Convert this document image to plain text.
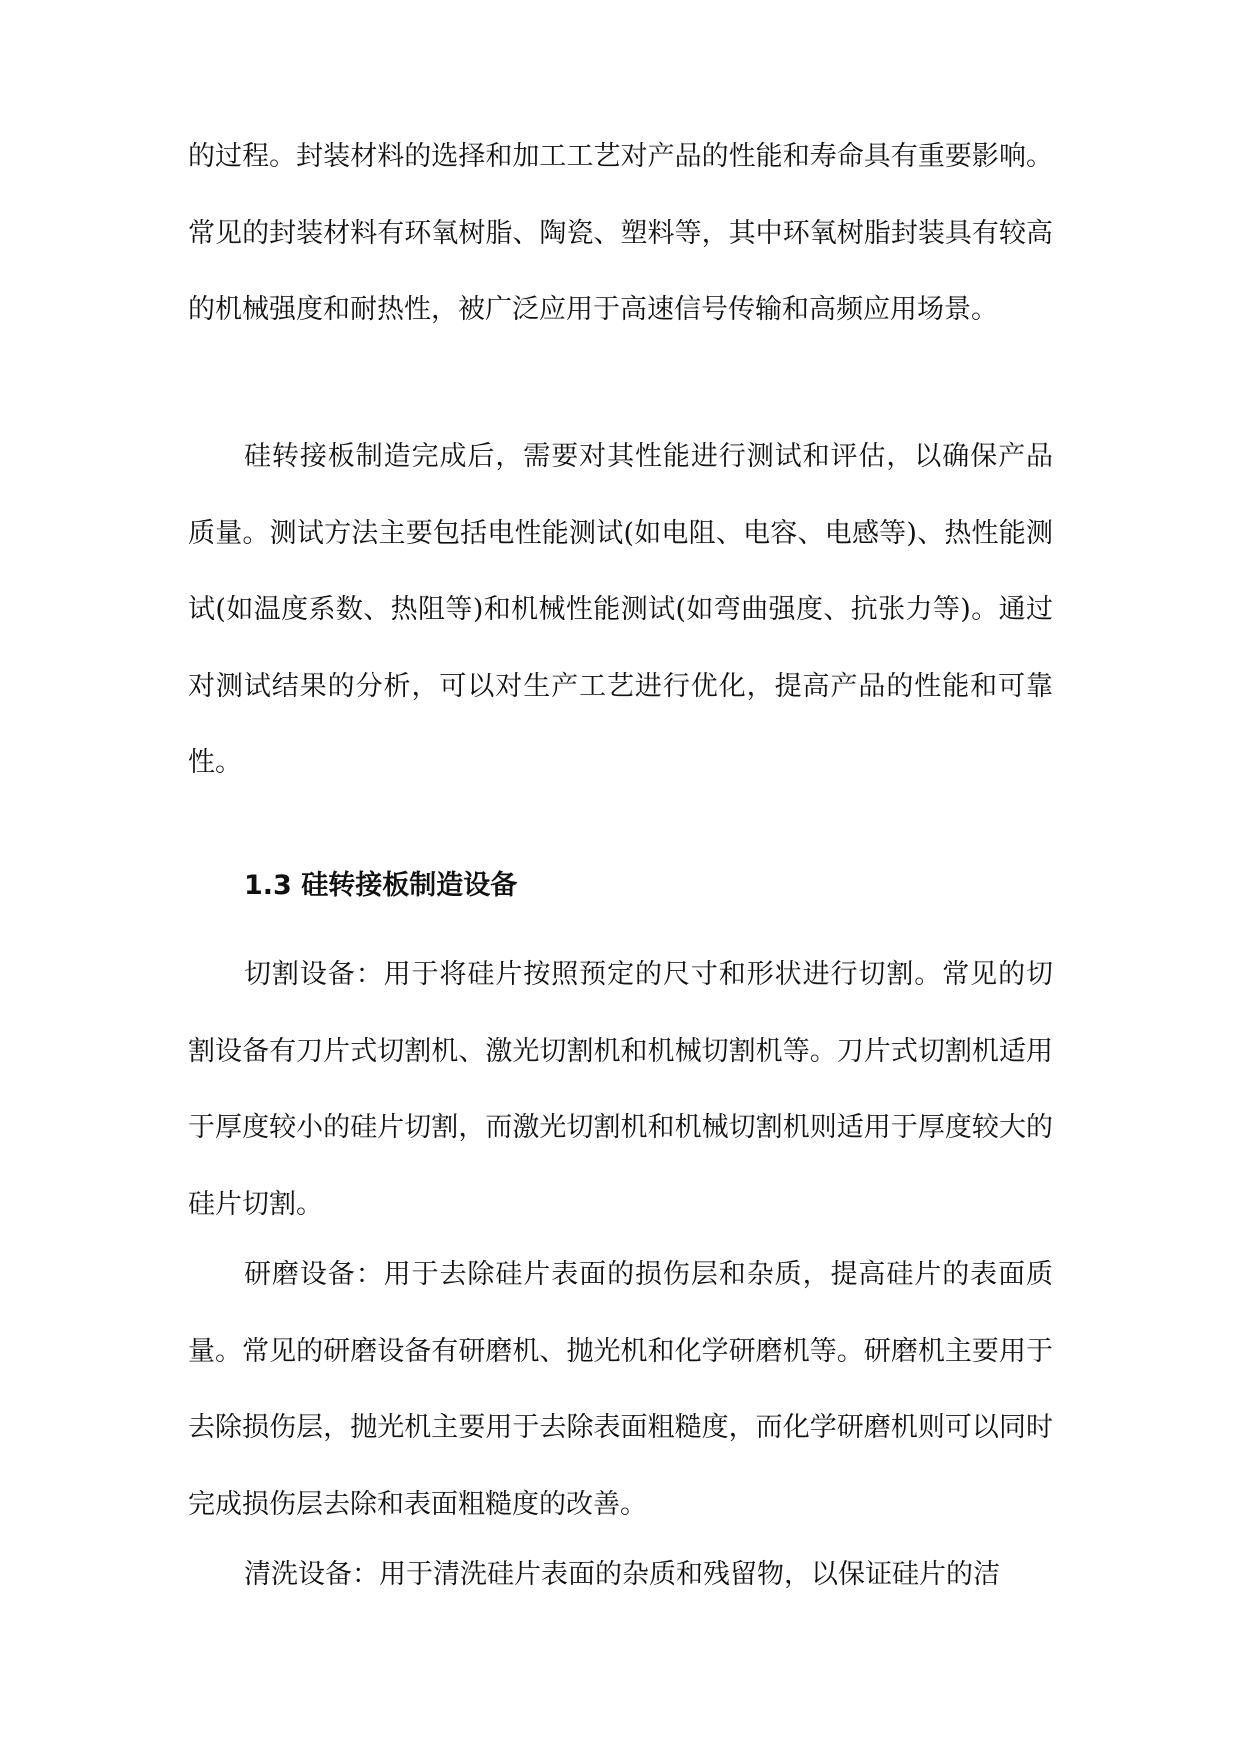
的过程。封装材料的选择和加工工艺对产品的性能和寿命具有重要影响。常见的封装材料有环氧树脂、陶瓷、塑料等，其中环氧树脂封装具有较高的机械强度和耐热性，被广泛应用于高速信号传输和高频应用场景。

硅转接板制造完成后，需要对其性能进行测试和评估，以确保产品质量。测试方法主要包括电性能测试(如电阻、电容、电感等)、热性能测试(如温度系数、热阻等)和机械性能测试(如弯曲强度、抗张力等)。通过对测试结果的分析，可以对生产工艺进行优化，提高产品的性能和可靠性。

1.3 硅转接板制造设备

切割设备：用于将硅片按照预定的尺寸和形状进行切割。常见的切割设备有刀片式切割机、激光切割机和机械切割机等。刀片式切割机适用于厚度较小的硅片切割，而激光切割机和机械切割机则适用于厚度较大的硅片切割。

研磨设备：用于去除硅片表面的损伤层和杂质，提高硅片的表面质量。常见的研磨设备有研磨机、抛光机和化学研磨机等。研磨机主要用于去除损伤层，抛光机主要用于去除表面粗糙度，而化学研磨机则可以同时完成损伤层去除和表面粗糙度的改善。

清洗设备：用于清洗硅片表面的杂质和残留物，以保证硅片的洁
